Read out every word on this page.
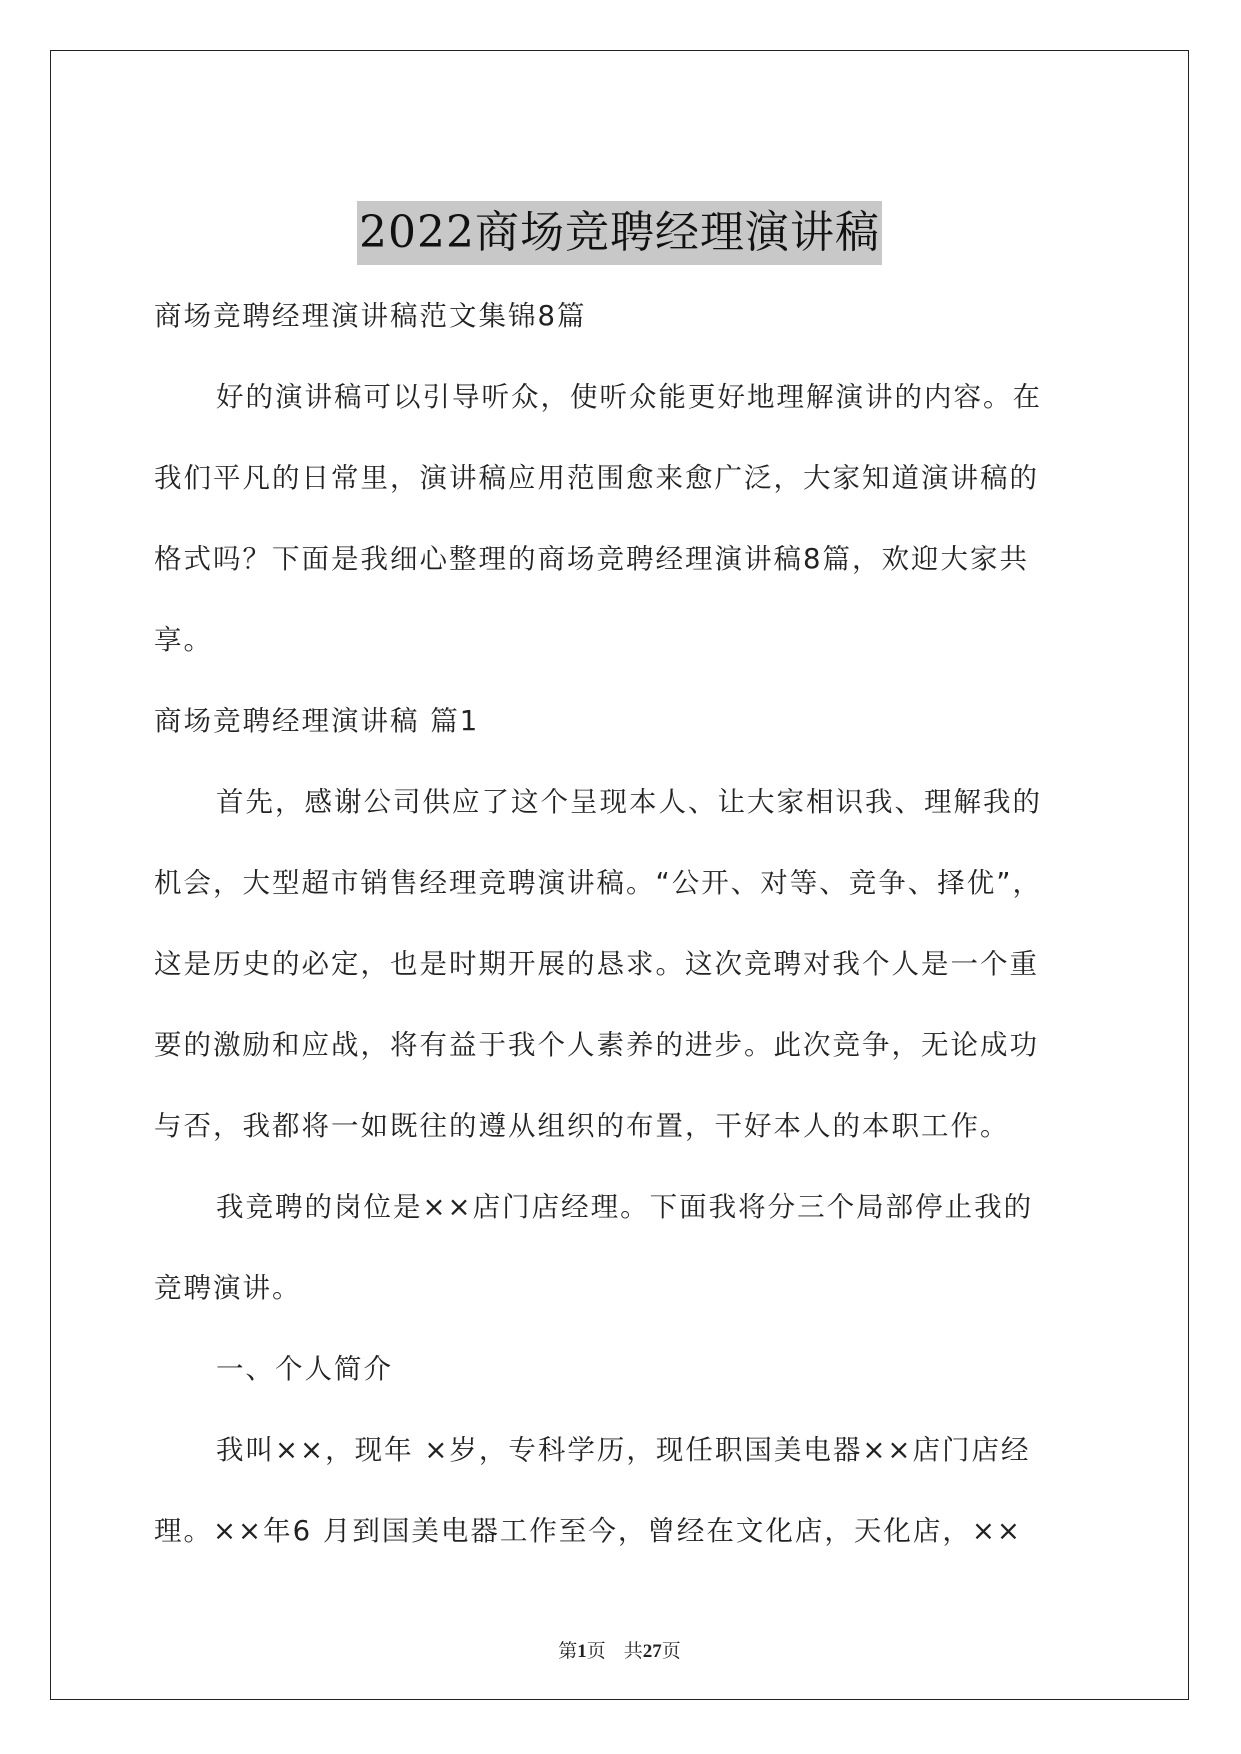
2022商场竞聘经理演讲稿
商场竞聘经理演讲稿范文集锦8篇
好的演讲稿可以引导听众，使听众能更好地理解演讲的内容。在
我们平凡的日常里，演讲稿应用范围愈来愈广泛，大家知道演讲稿的
格式吗？下面是我细心整理的商场竞聘经理演讲稿8篇，欢迎大家共
享。
商场竞聘经理演讲稿 篇1
首先，感谢公司供应了这个呈现本人、让大家相识我、理解我的
机会，大型超市销售经理竞聘演讲稿。“公开、对等、竞争、择优”，
这是历史的必定，也是时期开展的恳求。这次竞聘对我个人是一个重
要的激励和应战，将有益于我个人素养的进步。此次竞争，无论成功
与否，我都将一如既往的遵从组织的布置，干好本人的本职工作。
我竞聘的岗位是××店门店经理。下面我将分三个局部停止我的
竞聘演讲。
一、个人简介
我叫××，现年 ×岁，专科学历，现任职国美电器××店门店经
理。××年6 月到国美电器工作至今，曾经在文化店，天化店，××
第1页 共27页
